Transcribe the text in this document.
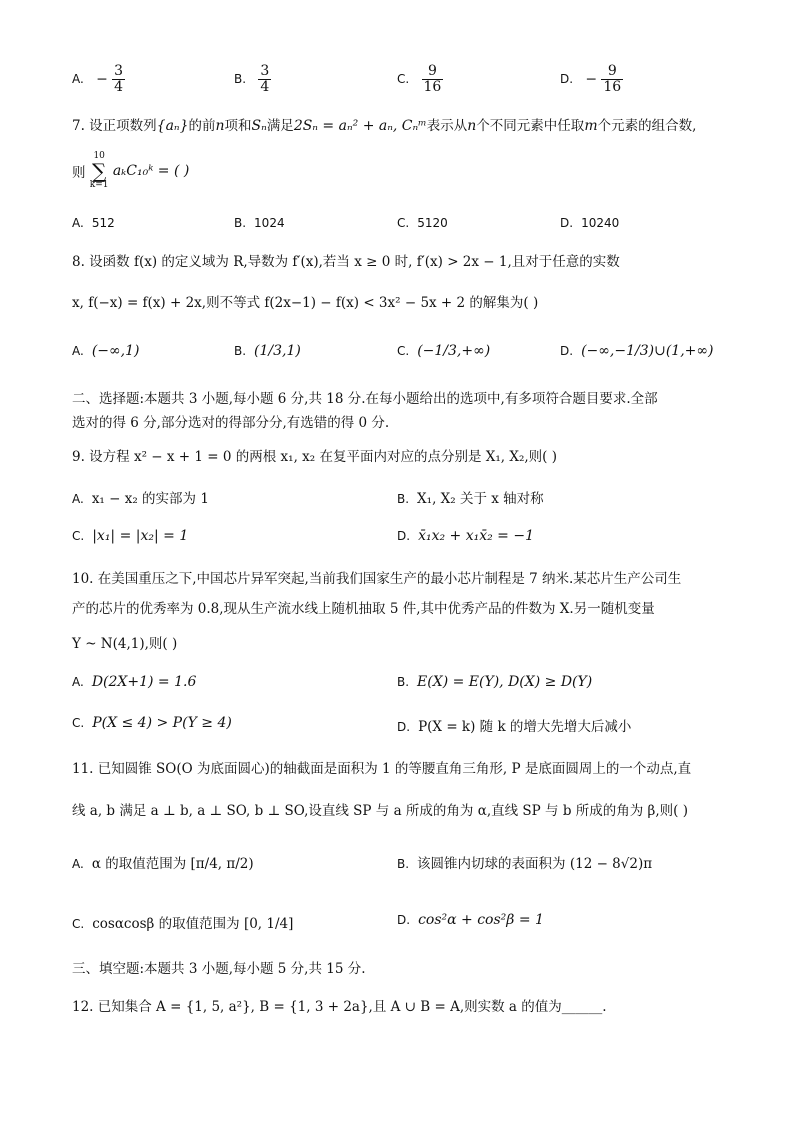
A. − $\frac{3}{4}$	B. $\frac{3}{4}$	C. $\frac{9}{16}$	D. − $\frac{9}{16}$
7. 设正项数列{aₙ}的前n项和Sₙ满足2Sₙ = aₙ² + aₙ, Cₙᵐ表示从n个不同元素中任取m个元素的组合数,
则
10
∑
k=1
aₖC₁₀ᵏ = ( )
A. 512	B. 1024	C. 5120	D. 10240
8. 设函数 f(x) 的定义域为 R,导数为 f′(x),若当 x ≥ 0 时, f′(x) > 2x − 1,且对于任意的实数
x, f(−x) = f(x) + 2x,则不等式 f(2x−1) − f(x) < 3x² − 5x + 2 的解集为( )
A. (−∞,1)	B. (1/3,1)	C. (−1/3,+∞)	D. (−∞,−1/3)∪(1,+∞)
二、选择题:本题共 3 小题,每小题 6 分,共 18 分.在每小题给出的选项中,有多项符合题目要求.全部
选对的得 6 分,部分选对的得部分分,有选错的得 0 分.
9. 设方程 x² − x + 1 = 0 的两根 x₁, x₂ 在复平面内对应的点分别是 X₁, X₂,则( )
A. x₁ − x₂ 的实部为 1	B. X₁, X₂ 关于 x 轴对称
C. |x₁| = |x₂| = 1	D. x̄₁x₂ + x₁x̄₂ = −1
10. 在美国重压之下,中国芯片异军突起,当前我们国家生产的最小芯片制程是 7 纳米.某芯片生产公司生
产的芯片的优秀率为 0.8,现从生产流水线上随机抽取 5 件,其中优秀产品的件数为 X.另一随机变量
Y ~ N(4,1),则( )
A. D(2X+1) = 1.6	B. E(X) = E(Y), D(X) ≥ D(Y)
C. P(X ≤ 4) > P(Y ≥ 4)	D. P(X = k) 随 k 的增大先增大后减小
11. 已知圆锥 SO(O 为底面圆心)的轴截面是面积为 1 的等腰直角三角形, P 是底面圆周上的一个动点,直
线 a, b 满足 a ⊥ b, a ⊥ SO, b ⊥ SO,设直线 SP 与 a 所成的角为 α,直线 SP 与 b 所成的角为 β,则( )
A. α 的取值范围为 [π/4, π/2)	B. 该圆锥内切球的表面积为 (12 − 8√2)π
C. cosαcosβ 的取值范围为 [0, 1/4]	D. cos²α + cos²β = 1
三、填空题:本题共 3 小题,每小题 5 分,共 15 分.
12. 已知集合 A = {1, 5, a²}, B = {1, 3 + 2a},且 A ∪ B = A,则实数 a 的值为______.
